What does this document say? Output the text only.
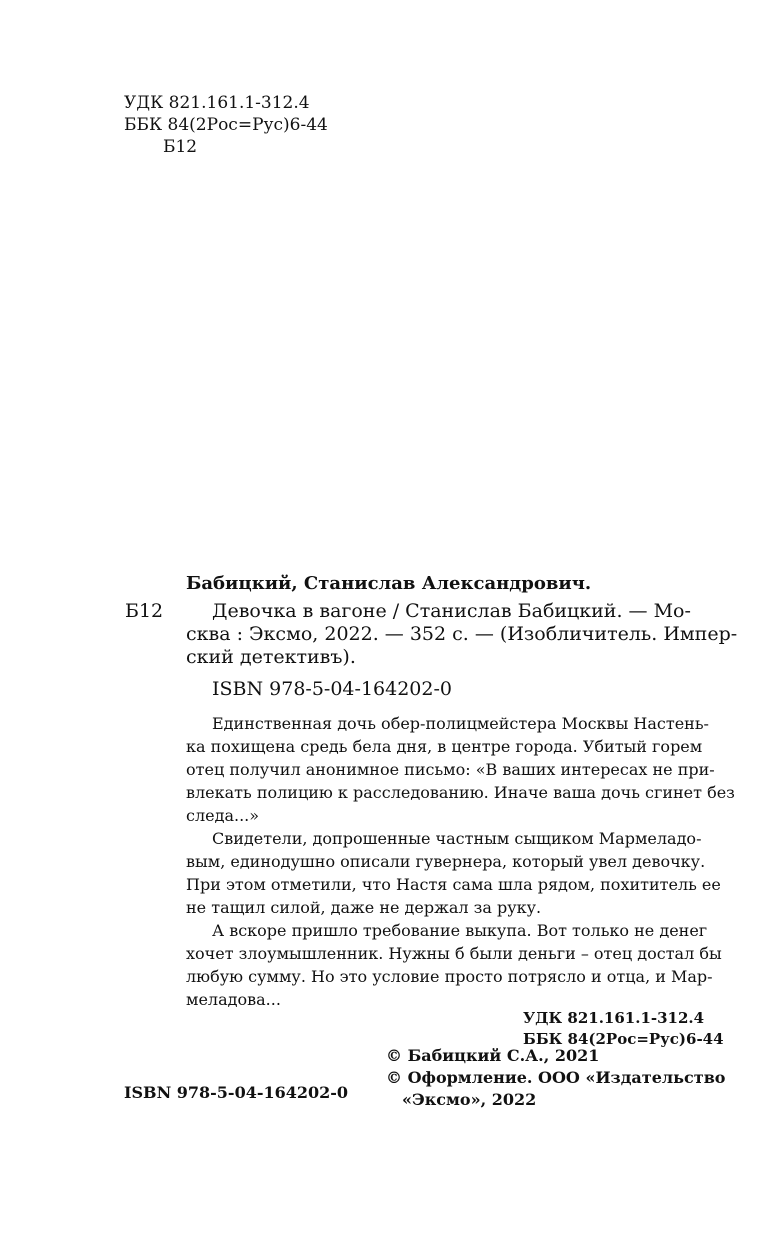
УДК 821.161.1-312.4
ББК 84(2Рос=Рус)6-44
Б12
Бабицкий, Станислав Александрович.
Б12	Девочка в вагоне / Станислав Бабицкий. — Мо-
сква : Эксмо, 2022. — 352 с. — (Изобличитель. Импер-
ский детективъ).
ISBN 978-5-04-164202-0
Единственная дочь обер-полицмейстера Москвы Настень-
ка похищена средь бела дня, в центре города. Убитый горем
отец получил анонимное письмо: «В ваших интересах не при-
влекать полицию к расследованию. Иначе ваша дочь сгинет без
следа...»
Свидетели, допрошенные частным сыщиком Мармеладо-
вым, единодушно описали гувернера, который увел девочку.
При этом отметили, что Настя сама шла рядом, похититель ее
не тащил силой, даже не держал за руку.
А вскоре пришло требование выкупа. Вот только не денег
хочет злоумышленник. Нужны б были деньги – отец достал бы
любую сумму. Но это условие просто потрясло и отца, и Мар-
меладова...
УДК 821.161.1-312.4
ББК 84(2Рос=Рус)6-44
© Бабицкий С.А., 2021
© Оформление. ООО «Издательство
«Эксмо», 2022
ISBN 978-5-04-164202-0
